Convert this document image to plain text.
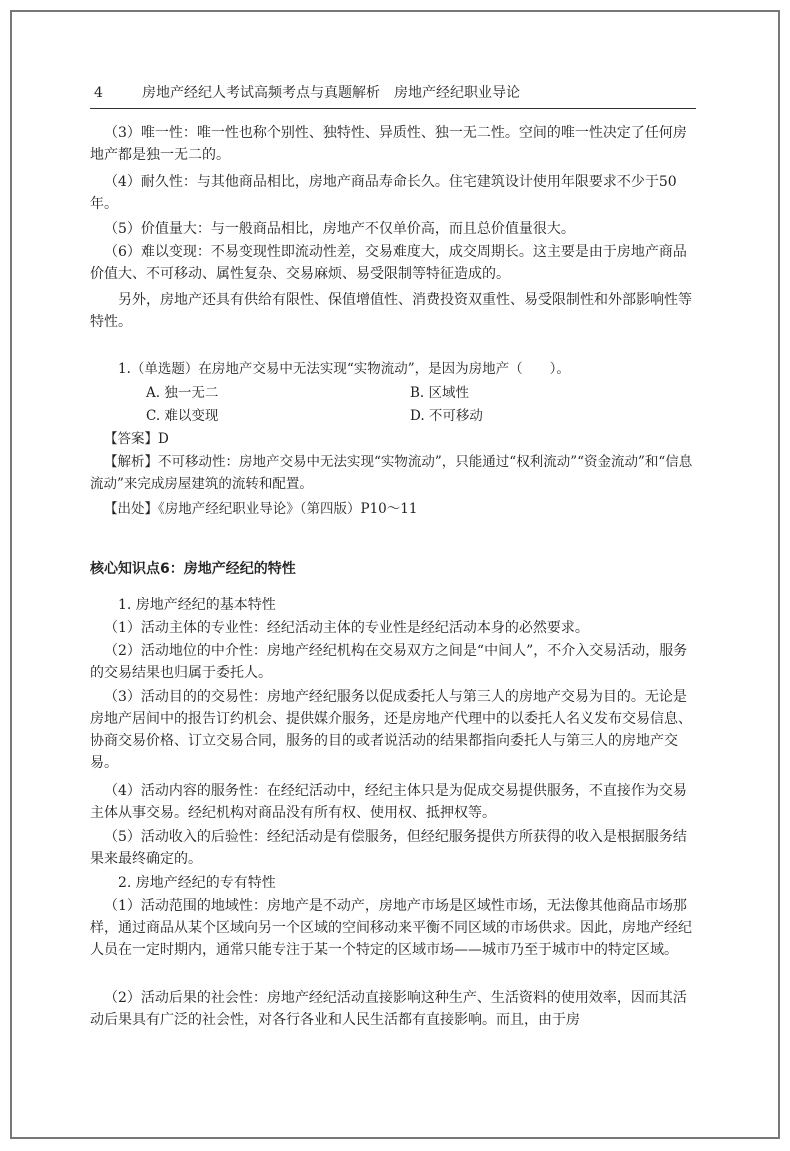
4	房地产经纪人考试高频考点与真题解析　房地产经纪职业导论

（3）唯一性：唯一性也称个别性、独特性、异质性、独一无二性。空间的唯一性决定了任何房地产都是独一无二的。

（4）耐久性：与其他商品相比，房地产商品寿命长久。住宅建筑设计使用年限要求不少于50年。

（5）价值量大：与一般商品相比，房地产不仅单价高，而且总价值量很大。

（6）难以变现：不易变现性即流动性差，交易难度大，成交周期长。这主要是由于房地产商品价值大、不可移动、属性复杂、交易麻烦、易受限制等特征造成的。

另外，房地产还具有供给有限性、保值增值性、消费投资双重性、易受限制性和外部影响性等特性。

1.（单选题）在房地产交易中无法实现“实物流动”，是因为房地产（　　）。
A. 独一无二	B. 区域性
C. 难以变现	D. 不可移动
【答案】D

【解析】不可移动性：房地产交易中无法实现“实物流动”，只能通过“权利流动”“资金流动”和“信息流动”来完成房屋建筑的流转和配置。

【出处】《房地产经纪职业导论》（第四版）P10～11
核心知识点6：房地产经纪的特性

1. 房地产经纪的基本特性

（1）活动主体的专业性：经纪活动主体的专业性是经纪活动本身的必然要求。

（2）活动地位的中介性：房地产经纪机构在交易双方之间是“中间人”，不介入交易活动，服务的交易结果也归属于委托人。

（3）活动目的的交易性：房地产经纪服务以促成委托人与第三人的房地产交易为目的。无论是房地产居间中的报告订约机会、提供媒介服务，还是房地产代理中的以委托人名义发布交易信息、协商交易价格、订立交易合同，服务的目的或者说活动的结果都指向委托人与第三人的房地产交易。

（4）活动内容的服务性：在经纪活动中，经纪主体只是为促成交易提供服务，不直接作为交易主体从事交易。经纪机构对商品没有所有权、使用权、抵押权等。

（5）活动收入的后验性：经纪活动是有偿服务，但经纪服务提供方所获得的收入是根据服务结果来最终确定的。

2. 房地产经纪的专有特性

（1）活动范围的地域性：房地产是不动产，房地产市场是区域性市场，无法像其他商品市场那样，通过商品从某个区域向另一个区域的空间移动来平衡不同区域的市场供求。因此，房地产经纪人员在一定时期内，通常只能专注于某一个特定的区域市场——城市乃至于城市中的特定区域。

（2）活动后果的社会性：房地产经纪活动直接影响这种生产、生活资料的使用效率，因而其活动后果具有广泛的社会性，对各行各业和人民生活都有直接影响。而且，由于房
